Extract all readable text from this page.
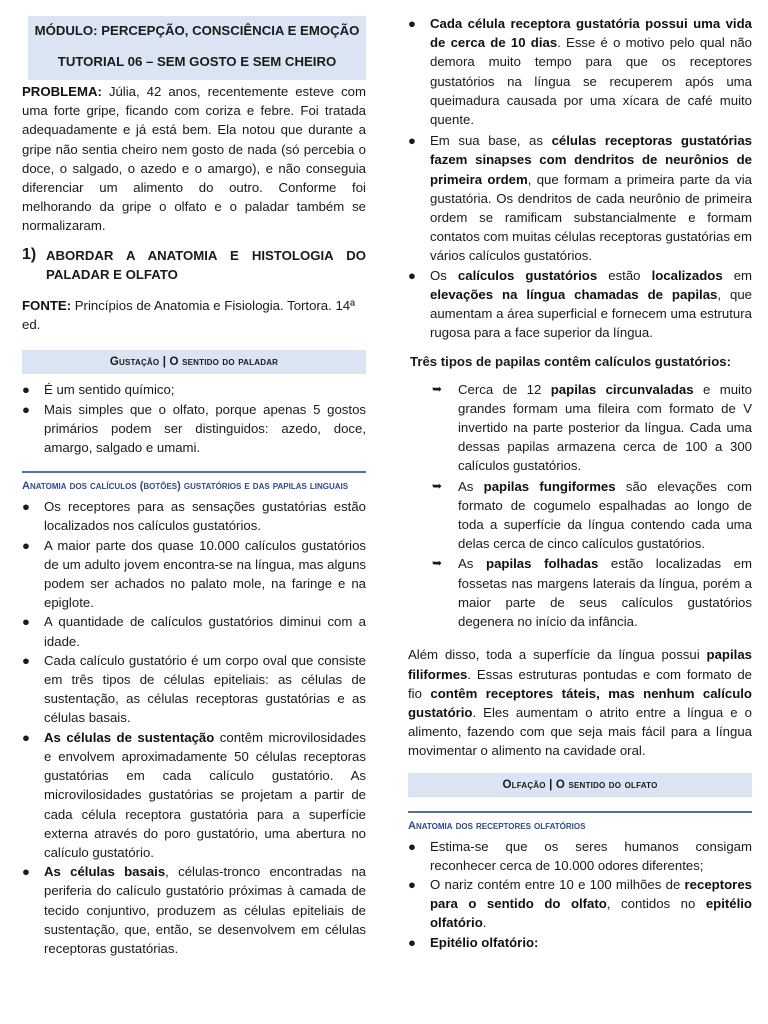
MÓDULO: PERCEPÇÃO, CONSCIÊNCIA E EMOÇÃO
TUTORIAL 06 – SEM GOSTO E SEM CHEIRO

PROBLEMA: Júlia, 42 anos, recentemente esteve com uma forte gripe, ficando com coriza e febre. Foi tratada adequadamente e já está bem. Ela notou que durante a gripe não sentia cheiro nem gosto de nada (só percebia o doce, o salgado, o azedo e o amargo), e não conseguia diferenciar um alimento do outro. Conforme foi melhorando da gripe o olfato e o paladar também se normalizaram.

1) ABORDAR A ANATOMIA E HISTOLOGIA DO PALADAR E OLFATO

FONTE: Princípios de Anatomia e Fisiologia. Tortora. 14ª ed.

Gustação | O sentido do paladar
● É um sentido químico;
● Mais simples que o olfato, porque apenas 5 gostos primários podem ser distinguidos: azedo, doce, amargo, salgado e umami.
Anatomia dos calículos (botões) gustatórios e das papilas linguais
● Os receptores para as sensações gustatórias estão localizados nos calículos gustatórios.
● A maior parte dos quase 10.000 calículos gustatórios de um adulto jovem encontra-se na língua, mas alguns podem ser achados no palato mole, na faringe e na epiglote.
● A quantidade de calículos gustatórios diminui com a idade.
● Cada calículo gustatório é um corpo oval que consiste em três tipos de células epiteliais: as células de sustentação, as células receptoras gustatórias e as células basais.
● As células de sustentação contêm microvilosidades e envolvem aproximadamente 50 células receptoras gustatórias em cada calículo gustatório. As microvilosidades gustatórias se projetam a partir de cada célula receptora gustatória para a superfície externa através do poro gustatório, uma abertura no calículo gustatório.
● As células basais, células-tronco encontradas na periferia do calículo gustatório próximas à camada de tecido conjuntivo, produzem as células epiteliais de sustentação, que, então, se desenvolvem em células receptoras gustatórias.
● Cada célula receptora gustatória possui uma vida de cerca de 10 dias. Esse é o motivo pelo qual não demora muito tempo para que os receptores gustatórios na língua se recuperem após uma queimadura causada por uma xícara de café muito quente.
● Em sua base, as células receptoras gustatórias fazem sinapses com dendritos de neurônios de primeira ordem, que formam a primeira parte da via gustatória. Os dendritos de cada neurônio de primeira ordem se ramificam substancialmente e formam contatos com muitas células receptoras gustatórias em vários calículos gustatórios.
● Os calículos gustatórios estão localizados em elevações na língua chamadas de papilas, que aumentam a área superficial e fornecem uma estrutura rugosa para a face superior da língua.

Três tipos de papilas contêm calículos gustatórios:

➥ Cerca de 12 papilas circunvaladas e muito grandes formam uma fileira com formato de V invertido na parte posterior da língua. Cada uma dessas papilas armazena cerca de 100 a 300 calículos gustatórios.
➥ As papilas fungiformes são elevações com formato de cogumelo espalhadas ao longo de toda a superfície da língua contendo cada uma delas cerca de cinco calículos gustatórios.
➥ As papilas folhadas estão localizadas em fossetas nas margens laterais da língua, porém a maior parte de seus calículos gustatórios degenera no início da infância.

Além disso, toda a superfície da língua possui papilas filiformes. Essas estruturas pontudas e com formato de fio contêm receptores táteis, mas nenhum calículo gustatório. Eles aumentam o atrito entre a língua e o alimento, fazendo com que seja mais fácil para a língua movimentar o alimento na cavidade oral.

Olfação | O sentido do olfato
Anatomia dos receptores olfatórios
● Estima-se que os seres humanos consigam reconhecer cerca de 10.000 odores diferentes;
● O nariz contém entre 10 e 100 milhões de receptores para o sentido do olfato, contidos no epitélio olfatório.
● Epitélio olfatório:
